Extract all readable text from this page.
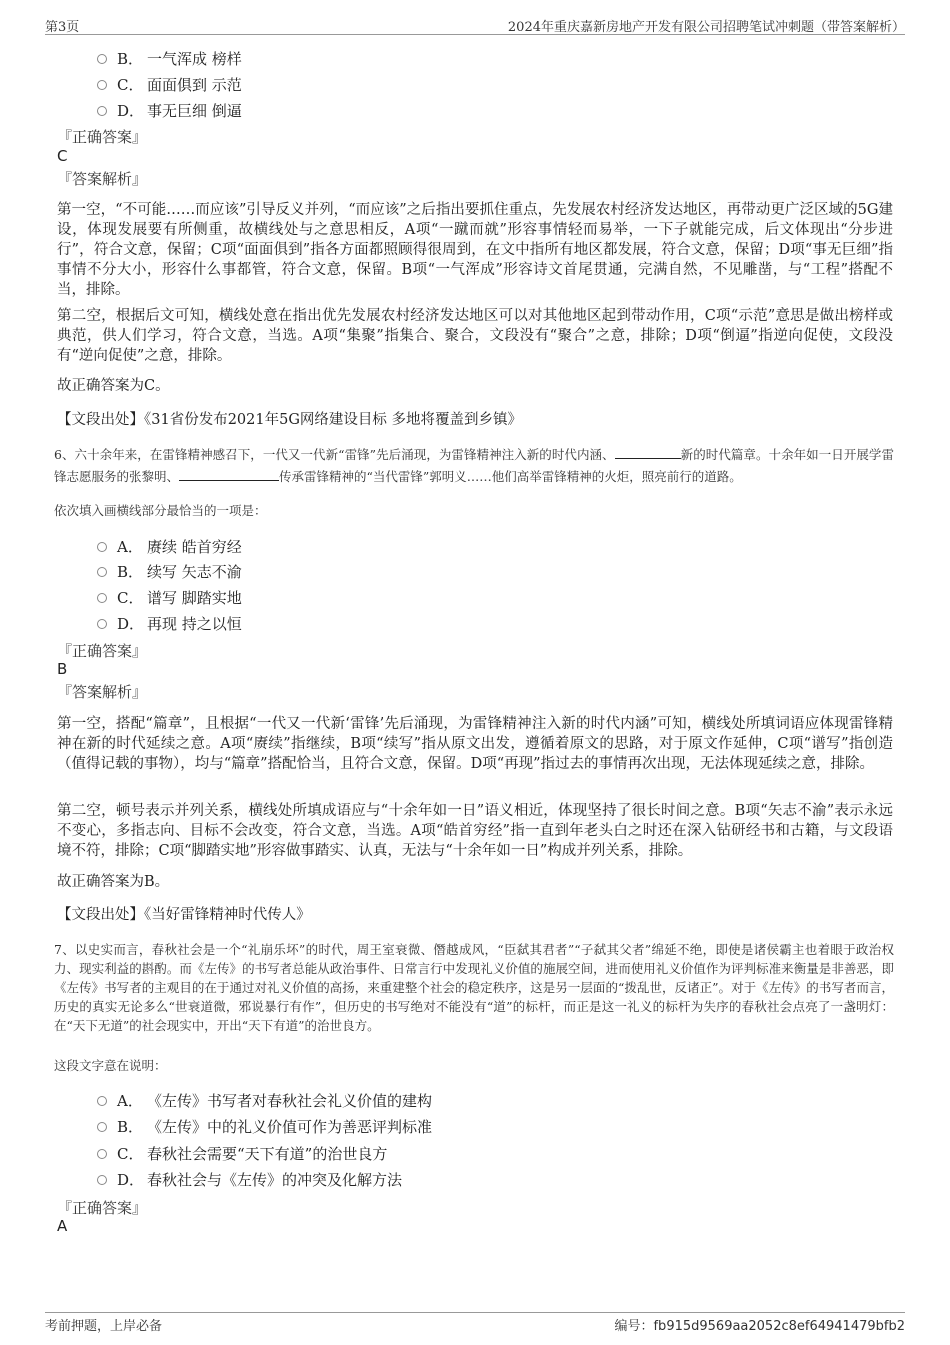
第3页	2024年重庆嘉新房地产开发有限公司招聘笔试冲刺题（带答案解析）
B． 一气浑成 榜样
C． 面面俱到 示范
D． 事无巨细 倒逼
『正确答案』
C
『答案解析』

第一空，“不可能……而应该”引导反义并列，“而应该”之后指出要抓住重点，先发展农村经济发达地区，再带动更广泛区域的5G建设，体现发展要有所侧重，故横线处与之意思相反，A项“一蹴而就”形容事情轻而易举，一下子就能完成，后文体现出“分步进行”，符合文意，保留；C项“面面俱到”指各方面都照顾得很周到，在文中指所有地区都发展，符合文意，保留；D项“事无巨细”指事情不分大小，形容什么事都管，符合文意，保留。B项“一气浑成”形容诗文首尾贯通，完满自然，不见雕凿，与“工程”搭配不当，排除。

第二空，根据后文可知，横线处意在指出优先发展农村经济发达地区可以对其他地区起到带动作用，C项“示范”意思是做出榜样或典范，供人们学习，符合文意，当选。A项“集聚”指集合、聚合，文段没有“聚合”之意，排除；D项“倒逼”指逆向促使，文段没有“逆向促使”之意，排除。

故正确答案为C。

【文段出处】《31省份发布2021年5G网络建设目标 多地将覆盖到乡镇》

6、六十余年来，在雷锋精神感召下，一代又一代新“雷锋”先后涌现，为雷锋精神注入新的时代内涵、	新的时代篇章。十余年如一日开展学雷锋志愿服务的张黎明、	传承雷锋精神的“当代雷锋”郭明义……他们高举雷锋精神的火炬，照亮前行的道路。

依次填入画横线部分最恰当的一项是：
A． 赓续 皓首穷经
B． 续写 矢志不渝
C． 谱写 脚踏实地
D． 再现 持之以恒
『正确答案』
B
『答案解析』

第一空，搭配“篇章”，且根据“一代又一代新‘雷锋’先后涌现，为雷锋精神注入新的时代内涵”可知，横线处所填词语应体现雷锋精神在新的时代延续之意。A项“赓续”指继续，B项“续写”指从原文出发，遵循着原文的思路，对于原文作延伸，C项“谱写”指创造（值得记载的事物），均与“篇章”搭配恰当，且符合文意，保留。D项“再现”指过去的事情再次出现，无法体现延续之意，排除。

第二空，顿号表示并列关系，横线处所填成语应与“十余年如一日”语义相近，体现坚持了很长时间之意。B项“矢志不渝”表示永远不变心，多指志向、目标不会改变，符合文意，当选。A项“皓首穷经”指一直到年老头白之时还在深入钻研经书和古籍，与文段语境不符，排除；C项“脚踏实地”形容做事踏实、认真，无法与“十余年如一日”构成并列关系，排除。

故正确答案为B。

【文段出处】《当好雷锋精神时代传人》

7、以史实而言，春秋社会是一个“礼崩乐坏”的时代，周王室衰微、僭越成风，“臣弑其君者”“子弑其父者”绵延不绝，即使是诸侯霸主也着眼于政治权力、现实利益的斟酌。而《左传》的书写者总能从政治事件、日常言行中发现礼义价值的施展空间，进而使用礼义价值作为评判标准来衡量是非善恶，即《左传》书写者的主观目的在于通过对礼义价值的高扬，来重建整个社会的稳定秩序，这是另一层面的“拨乱世，反诸正”。对于《左传》的书写者而言，历史的真实无论多么“世衰道微，邪说暴行有作”，但历史的书写绝对不能没有“道”的标杆，而正是这一礼义的标杆为失序的春秋社会点亮了一盏明灯：在“天下无道”的社会现实中，开出“天下有道”的治世良方。

这段文字意在说明：
A． 《左传》书写者对春秋社会礼义价值的建构
B． 《左传》中的礼义价值可作为善恶评判标准
C． 春秋社会需要“天下有道”的治世良方
D． 春秋社会与《左传》的冲突及化解方法
『正确答案』
A
考前押题，上岸必备	编号：fb915d9569aa2052c8ef64941479bfb2
